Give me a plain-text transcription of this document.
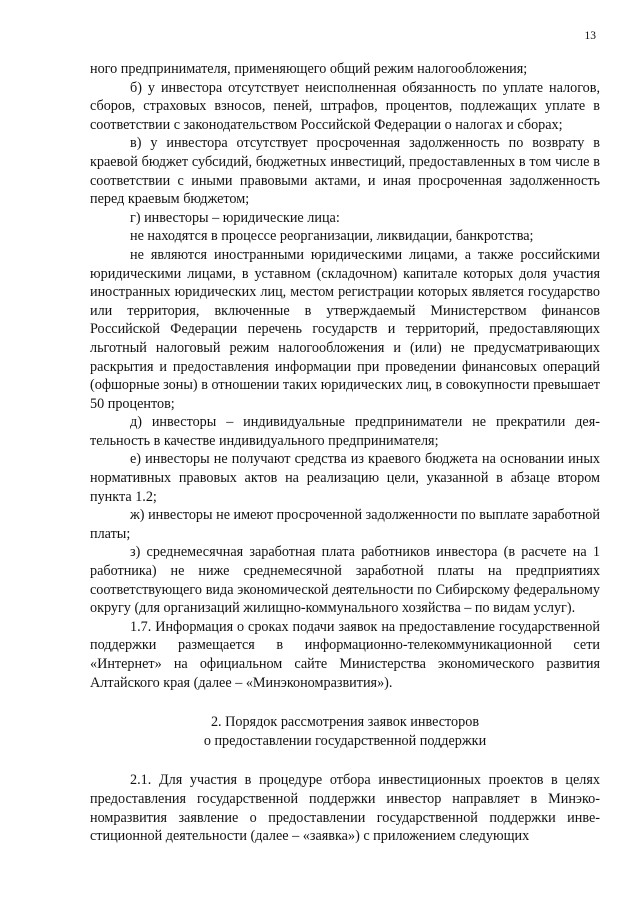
13

ного предпринимателя, применяющего общий режим налогообложения;

б) у инвестора отсутствует неисполненная обязанность по уплате налогов, сборов, страховых взносов, пеней, штрафов, процентов, подлежащих уплате в соответствии с законодательством Российской Федерации о налогах и сборах;

в) у инвестора отсутствует просроченная задолженность по возврату в краевой бюджет субсидий, бюджетных инвестиций, предоставленных в том числе в соответствии с иными правовыми актами, и иная просроченная задолженность перед краевым бюджетом;

г) инвесторы – юридические лица:

не находятся в процессе реорганизации, ликвидации, банкротства;

не являются иностранными юридическими лицами, а также российскими юридическими лицами, в уставном (складочном) капитале которых доля участия иностранных юридических лиц, местом регистрации которых является государство или территория, включенные в утверждаемый Министерством финансов Российской Федерации перечень государств и территорий, предоставляющих льготный налоговый режим налогообложения и (или) не предусматривающих раскрытия и предоставления информации при проведении финансовых операций (офшорные зоны) в отношении таких юридических лиц, в совокупности превышает 50 процентов;

д) инвесторы – индивидуальные предприниматели не прекратили деятельность в качестве индивидуального предпринимателя;

е) инвесторы не получают средства из краевого бюджета на основании иных нормативных правовых актов на реализацию цели, указанной в абзаце втором пункта 1.2;

ж) инвесторы не имеют просроченной задолженности по выплате заработной платы;

з) среднемесячная заработная плата работников инвестора (в расчете на 1 работника) не ниже среднемесячной заработной платы на предприятиях соответствующего вида экономической деятельности по Сибирскому федеральному округу (для организаций жилищно-коммунального хозяйства – по видам услуг).

1.7. Информация о сроках подачи заявок на предоставление государственной поддержки размещается в информационно-телекоммуникационной сети «Интернет» на официальном сайте Министерства экономического развития Алтайского края (далее – «Минэкономразвития»).

2. Порядок рассмотрения заявок инвесторов
о предоставлении государственной поддержки

2.1. Для участия в процедуре отбора инвестиционных проектов в целях предоставления государственной поддержки инвестор направляет в Минэкономразвития заявление о предоставлении государственной поддержки инвестиционной деятельности (далее – «заявка») с приложением следующих
